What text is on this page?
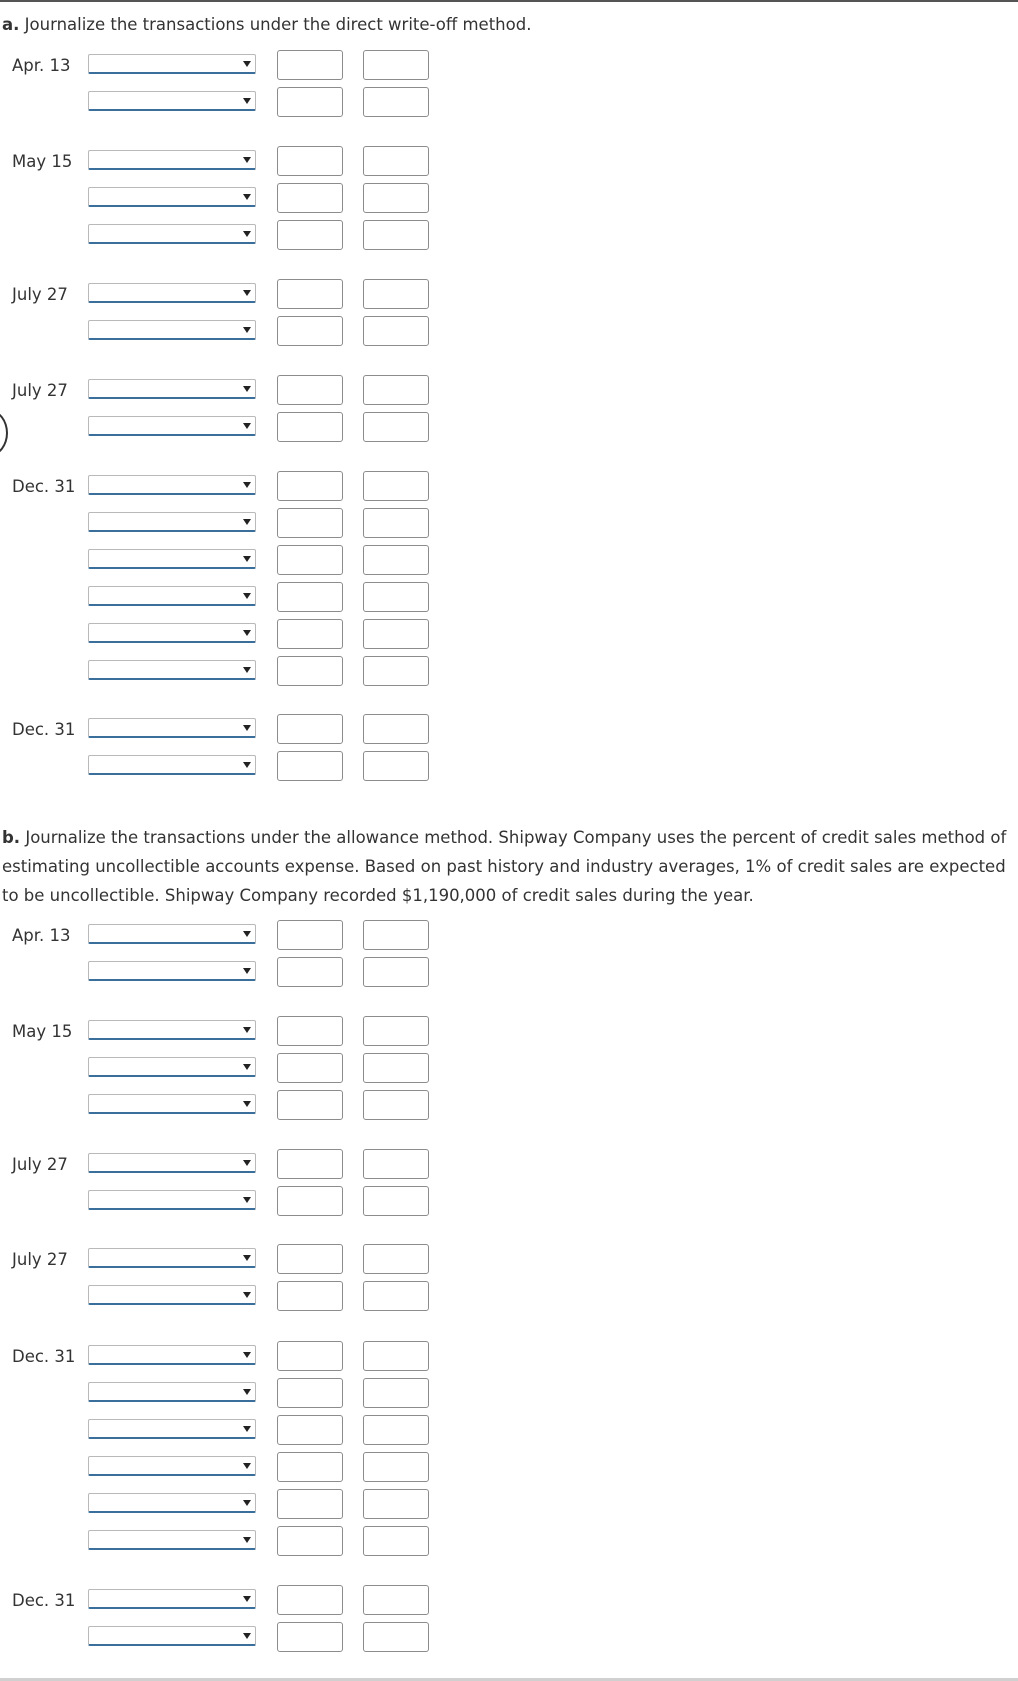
a. Journalize the transactions under the direct write-off method.
Apr. 13
May 15
July 27
July 27
Dec. 31
Dec. 31
b. Journalize the transactions under the allowance method. Shipway Company uses the percent of credit sales method of estimating uncollectible accounts expense. Based on past history and industry averages, 1% of credit sales are expected to be uncollectible. Shipway Company recorded $1,190,000 of credit sales during the year.
Apr. 13
May 15
July 27
July 27
Dec. 31
Dec. 31
